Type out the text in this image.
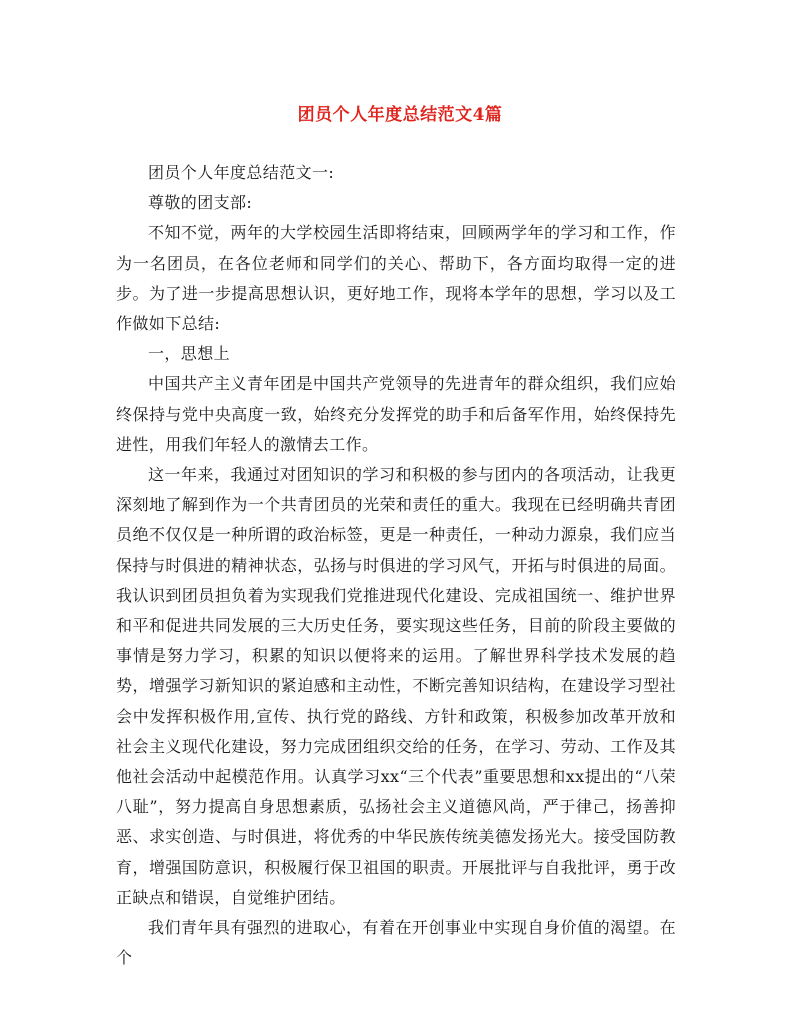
团员个人年度总结范文4篇

团员个人年度总结范文一:

尊敬的团支部:

不知不觉，两年的大学校园生活即将结束，回顾两学年的学习和工作，作为一名团员，在各位老师和同学们的关心、帮助下，各方面均取得一定的进步。为了进一步提高思想认识，更好地工作，现将本学年的思想，学习以及工作做如下总结:

一，思想上

中国共产主义青年团是中国共产党领导的先进青年的群众组织，我们应始终保持与党中央高度一致，始终充分发挥党的助手和后备军作用，始终保持先进性，用我们年轻人的激情去工作。

这一年来，我通过对团知识的学习和积极的参与团内的各项活动，让我更深刻地了解到作为一个共青团员的光荣和责任的重大。我现在已经明确共青团员绝不仅仅是一种所谓的政治标签，更是一种责任，一种动力源泉，我们应当保持与时俱进的精神状态，弘扬与时俱进的学习风气，开拓与时俱进的局面。我认识到团员担负着为实现我们党推进现代化建设、完成祖国统一、维护世界和平和促进共同发展的三大历史任务，要实现这些任务，目前的阶段主要做的事情是努力学习，积累的知识以便将来的运用。了解世界科学技术发展的趋势，增强学习新知识的紧迫感和主动性，不断完善知识结构，在建设学习型社会中发挥积极作用,宣传、执行党的路线、方针和政策，积极参加改革开放和社会主义现代化建设，努力完成团组织交给的任务，在学习、劳动、工作及其他社会活动中起模范作用。认真学习xx“三个代表”重要思想和xx提出的“八荣八耻”，努力提高自身思想素质，弘扬社会主义道德风尚，严于律己，扬善抑恶、求实创造、与时俱进，将优秀的中华民族传统美德发扬光大。接受国防教育，增强国防意识，积极履行保卫祖国的职责。开展批评与自我批评，勇于改正缺点和错误，自觉维护团结。

我们青年具有强烈的进取心，有着在开创事业中实现自身价值的渴望。在个
